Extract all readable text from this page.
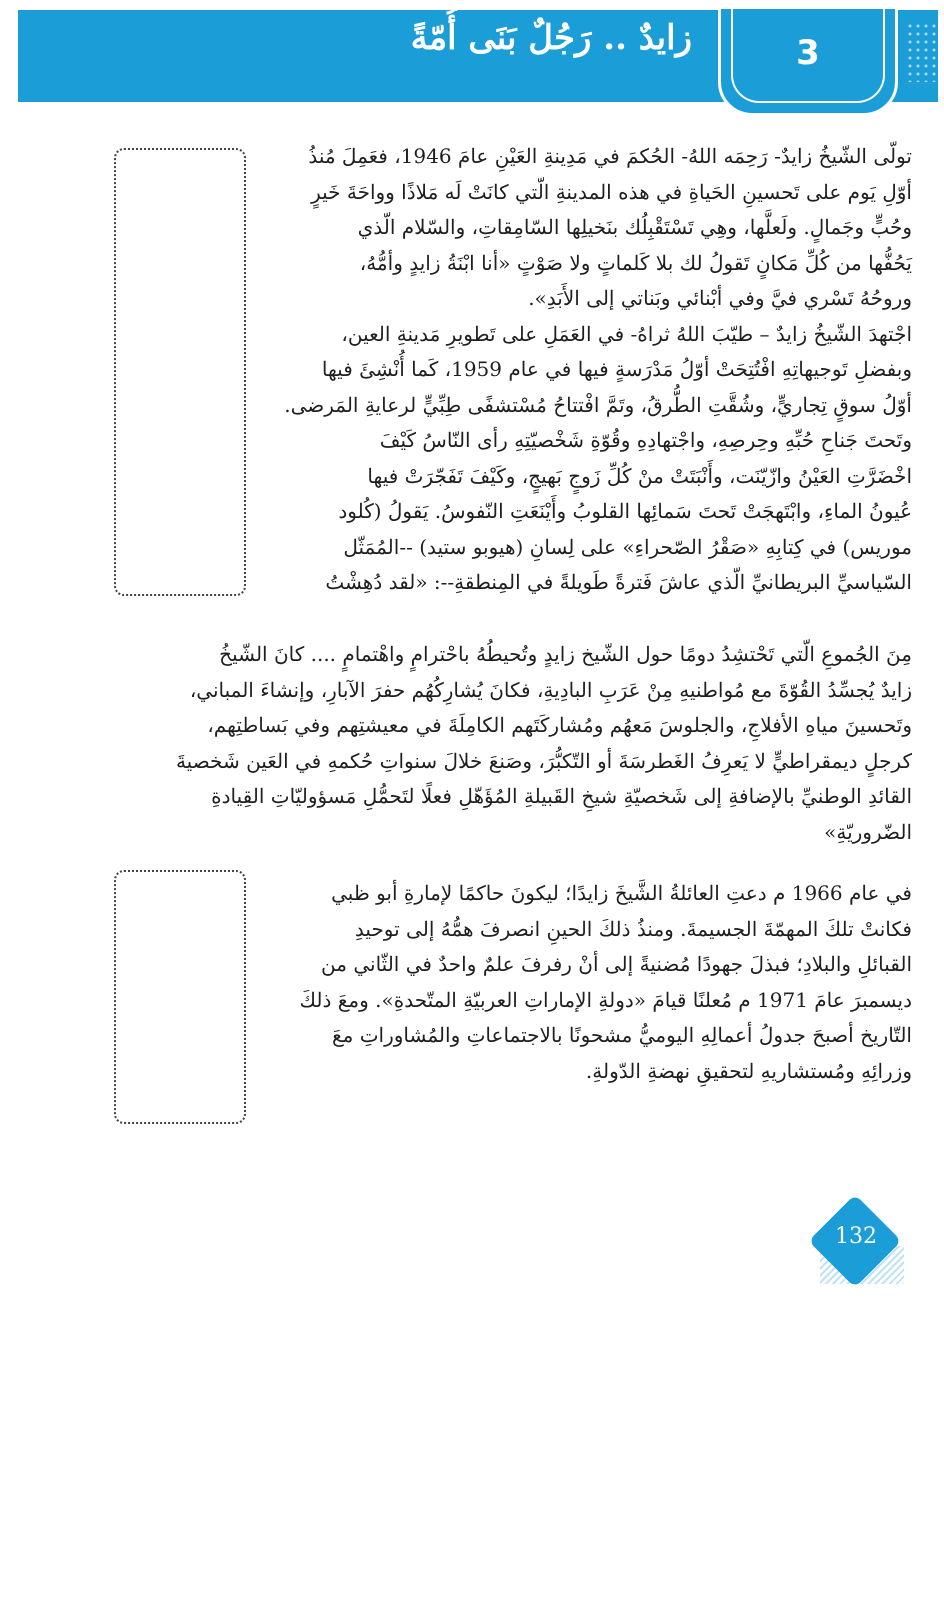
زايدٌ .. رَجُلٌ بَنَى أُمّةً	3
تولّى الشّيخُ زايدٌ- رَحِمَه اللهُ- الحُكمَ في مَدِينةِ العَيْنِ عامَ 1946، فعَمِلَ مُنذُ
أوّلِ يَوم على تَحسينِ الحَياةِ في هذه المدينةِ الّتي كانَتْ لَه مَلاذًا وواحَةَ خَيرٍ
وحُبٍّ وجَمالٍ. ولَعلَّها، وهِي تَسْتَقْبِلُك بنَخيلِها السّامِقاتِ، والسّلام الّذي
يَحُفُّها من كُلِّ مَكانٍ تَقولُ لك بلا كَلماتٍ ولا صَوْتٍ «أنا ابْنَةُ زايدٍ وأمُّهُ،
وروحُهُ تَسْري فيَّ وفي أبْنائي وبَناتي إلى الأَبَدِ».
اجْتهدَ الشّيخُ زايدٌ – طيّبَ اللهُ ثراهُ- في العَمَلِ على تَطويرِ مَدينةِ العين،
وبفضلِ تَوجيهاتِهِ افْتُتِحَتْ أوّلُ مَدْرَسةٍ فيها في عام 1959، كَما أُنْشِئَ فيها
أوّلُ سوقٍ تِجاريٍّ، وشُقَّتِ الطُّرقُ، وتَمَّ افْتتاحُ مُسْتشفًى طِبِّيٍّ لرعايةِ المَرضى.
وتَحتَ جَناحِ حُبِّهِ وحِرصِهِ، واجْتهادِهِ وقُوّةِ شَخْصيّتِهِ رأى النّاسُ كَيْفَ
اخْضَرَّتِ العَيْنُ وازّيّنَت، وأَنْبَتَتْ منْ كُلِّ زَوجٍ بَهيجٍ، وكَيْفَ تَفَجّرَتْ فيها
عُيونُ الماءِ، وابْتَهجَتْ تَحتَ سَمائِها القلوبُ وأَيْنَعَتِ النّفوسُ. يَقولُ (كُلود
موريس) في كِتابِهِ «صَقْرُ الصّحراءِ» على لِسانِ (هيوبو ستيد) --المُمَثّل
السّياسيِّ البريطانيِّ الّذي عاشَ فَترةً طَويلةً في المِنطقةِ--: «لقد دُهِشْتُ
مِنَ الجُموعِ الّتي تَحْتشِدُ دومًا حول الشّيخ زايدٍ وتُحيطُهُ باحْترامٍ واهْتمامٍ .... كانَ الشّيخُ
زايدٌ يُجسِّدُ القُوّةَ مع مُواطنيهِ مِنْ عَرَبِ البادِيةِ، فكانَ يُشارِكُهُم حفرَ الآبارِ، وإنشاءَ المباني،
وتَحسينَ مياهِ الأفلاجِ، والجلوسَ مَعهُم ومُشاركَتَهم الكامِلَةَ في معيشتِهم وفي بَساطتِهم،
كرجلٍ ديمقراطيٍّ لا يَعرِفُ الغَطرسَةَ أو التّكبُّرَ، وصَنعَ خلالَ سنواتِ حُكمهِ في العَين شَخصيةَ
القائدِ الوطنيِّ بالإضافةِ إلى شَخصيّةِ شيخِ القَبيلةِ المُؤَهّلِ فعلًا لتَحمُّلِ مَسؤوليّاتِ القِيادةِ
الضّروريّةِ»
في عام 1966 م دعتِ العائلةُ الشَّيخَ زايدًا؛ ليكونَ حاكمًا لإمارةِ أبو ظبي
فكانتْ تلكَ المهمّةَ الجسيمةَ. ومنذُ ذلكَ الحينِ انصرفَ همُّهُ إلى توحيدِ
القبائلِ والبلادِ؛ فبذلَ جهودًا مُضنيةً إلى أنْ رفرفَ علمٌ واحدٌ في الثّاني من
ديسمبرَ عامَ 1971 م مُعلنًا قيامَ «دولةِ الإماراتِ العربيّةِ المتّحدةِ». ومعَ ذلكَ
التّاريخ أصبحَ جدولُ أعمالِهِ اليوميُّ مشحونًا بالاجتماعاتِ والمُشاوراتِ معَ
وزرائِهِ ومُستشاريهِ لتحقيقِ نهضةِ الدّولةِ.
132
